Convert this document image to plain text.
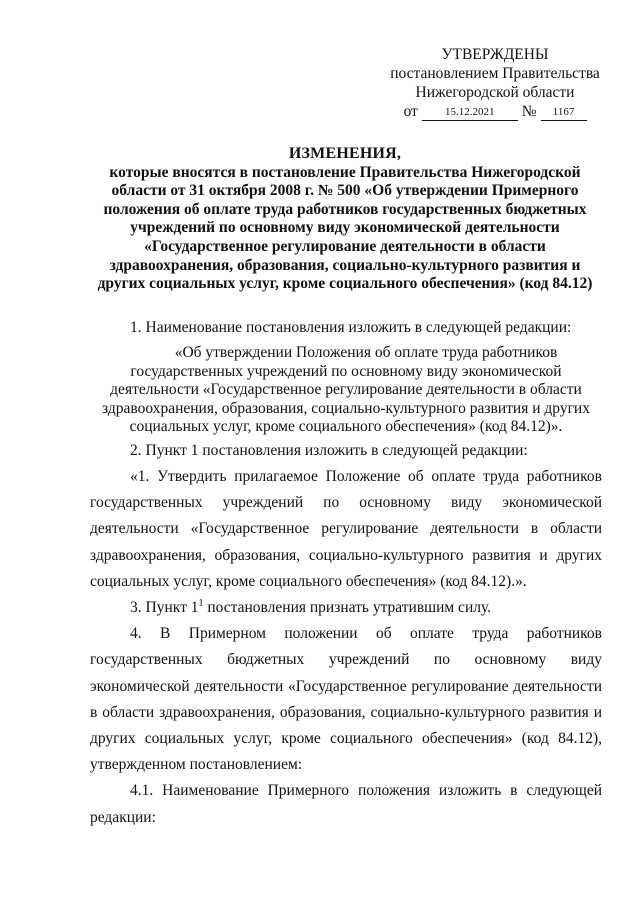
УТВЕРЖДЕНЫ
постановлением Правительства
Нижегородской области
от	15.12.2021	№	1167
ИЗМЕНЕНИЯ,
которые вносятся в постановление Правительства Нижегородской области от 31 октября 2008 г. № 500 «Об утверждении Примерного положения об оплате труда работников государственных бюджетных учреждений по основному виду экономической деятельности «Государственное регулирование деятельности в области здравоохранения, образования, социально-культурного развития и других социальных услуг, кроме социального обеспечения» (код 84.12)

1. Наименование постановления изложить в следующей редакции:

«Об утверждении Положения об оплате труда работников
государственных учреждений по основному виду экономической деятельности «Государственное регулирование деятельности в области здравоохранения, образования, социально-культурного развития и других социальных услуг, кроме социального обеспечения» (код 84.12)».

2. Пункт 1 постановления изложить в следующей редакции:

«1. Утвердить прилагаемое Положение об оплате труда работников государственных учреждений по основному виду экономической деятельности «Государственное регулирование деятельности в области здравоохранения, образования, социально-культурного развития и других социальных услуг, кроме социального обеспечения» (код 84.12).».

3. Пункт $1^1$ постановления признать утратившим силу.

4. В Примерном положении об оплате труда работников государственных бюджетных учреждений по основному виду экономической деятельности «Государственное регулирование деятельности в области здравоохранения, образования, социально-культурного развития и других социальных услуг, кроме социального обеспечения» (код 84.12), утвержденном постановлением:

4.1. Наименование Примерного положения изложить в следующей редакции:
